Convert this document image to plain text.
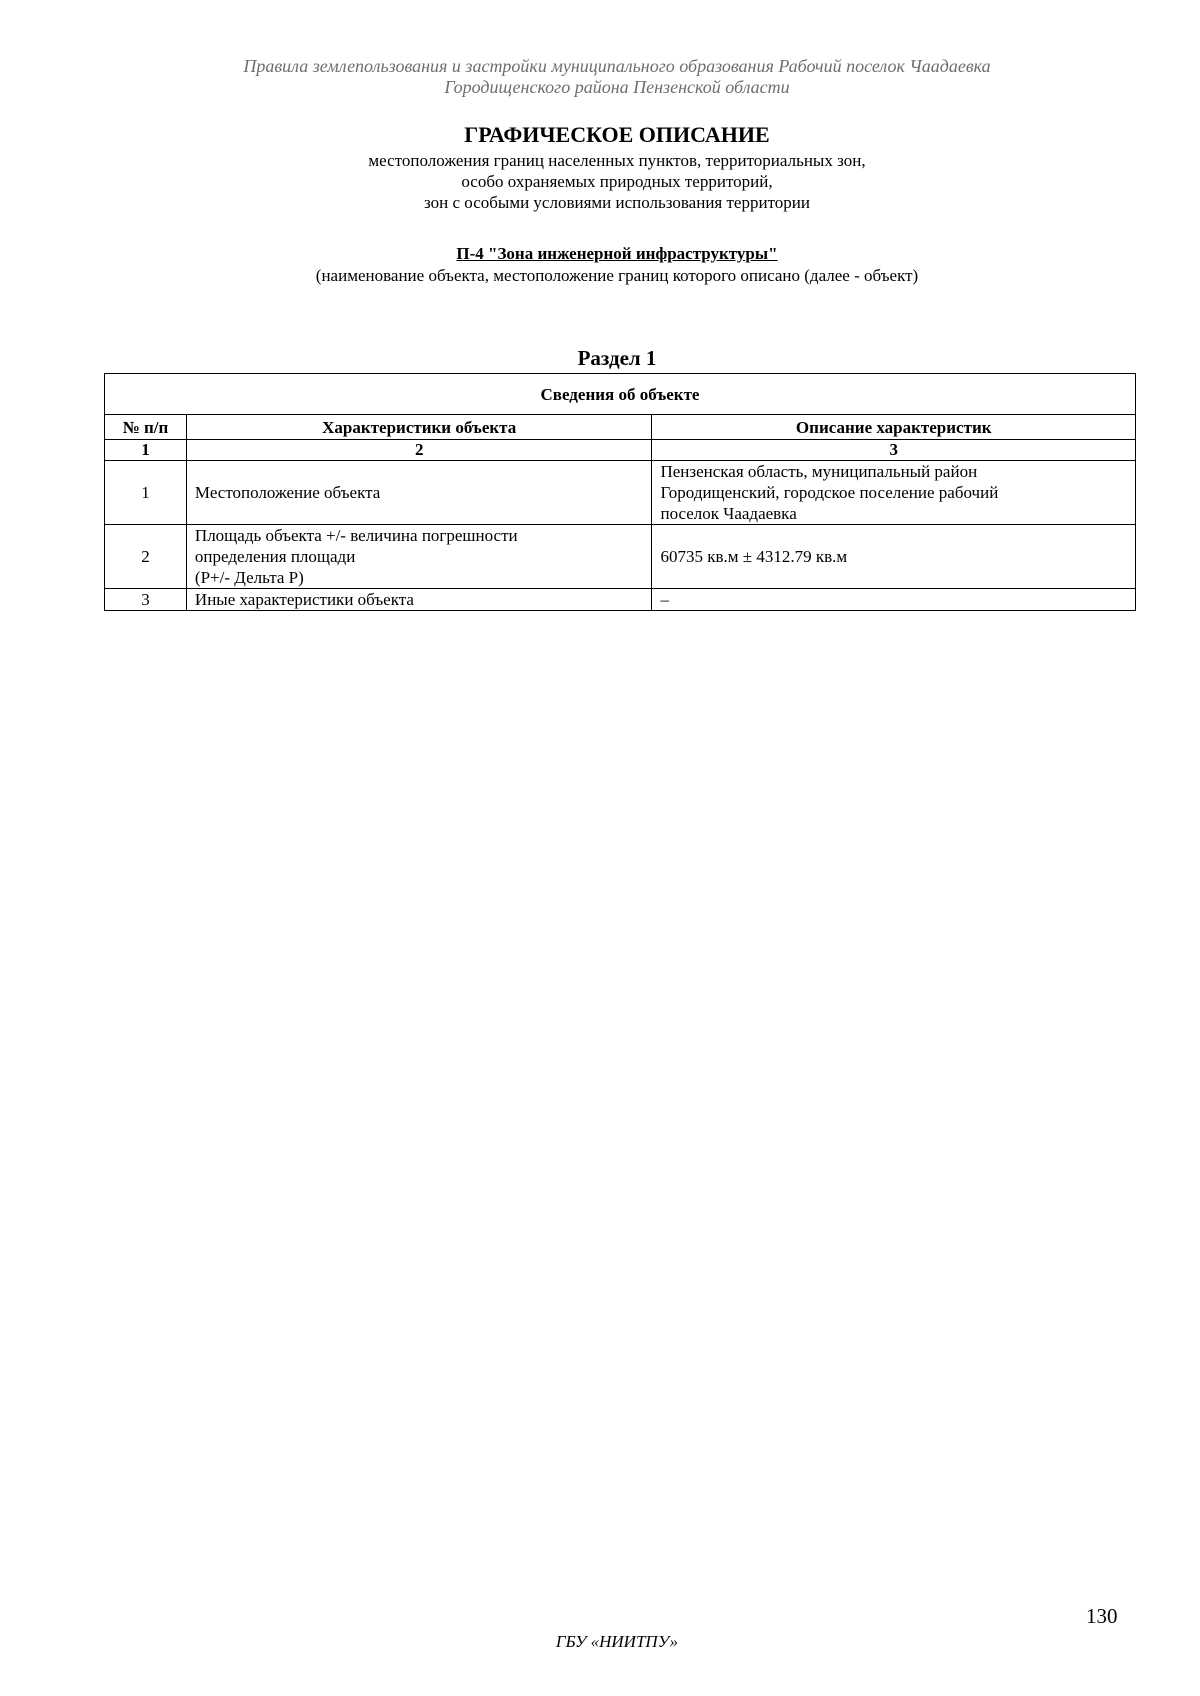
Правила землепользования и застройки муниципального образования Рабочий поселок Чаадаевка
Городищенского района Пензенской области
ГРАФИЧЕСКОЕ ОПИСАНИЕ
местоположения границ населенных пунктов, территориальных зон,
особо охраняемых природных территорий,
зон с особыми условиями использования территории
П-4 "Зона инженерной инфраструктуры"
(наименование объекта, местоположение границ которого описано (далее - объект)
Раздел 1
Сведения об объекте		
№ п/п	Характеристики объекта	Описание характеристик
1	2	3
1	Местоположение объекта	Пензенская область, муниципальный район
Городищенский, городское поселение рабочий
поселок Чаадаевка

2	Площадь объекта +/- величина погрешности
определения площади
(P+/- Дельта P)	60735 кв.м ± 4312.79 кв.м

3	Иные характеристики объекта	–
130
ГБУ «НИИТПУ»
